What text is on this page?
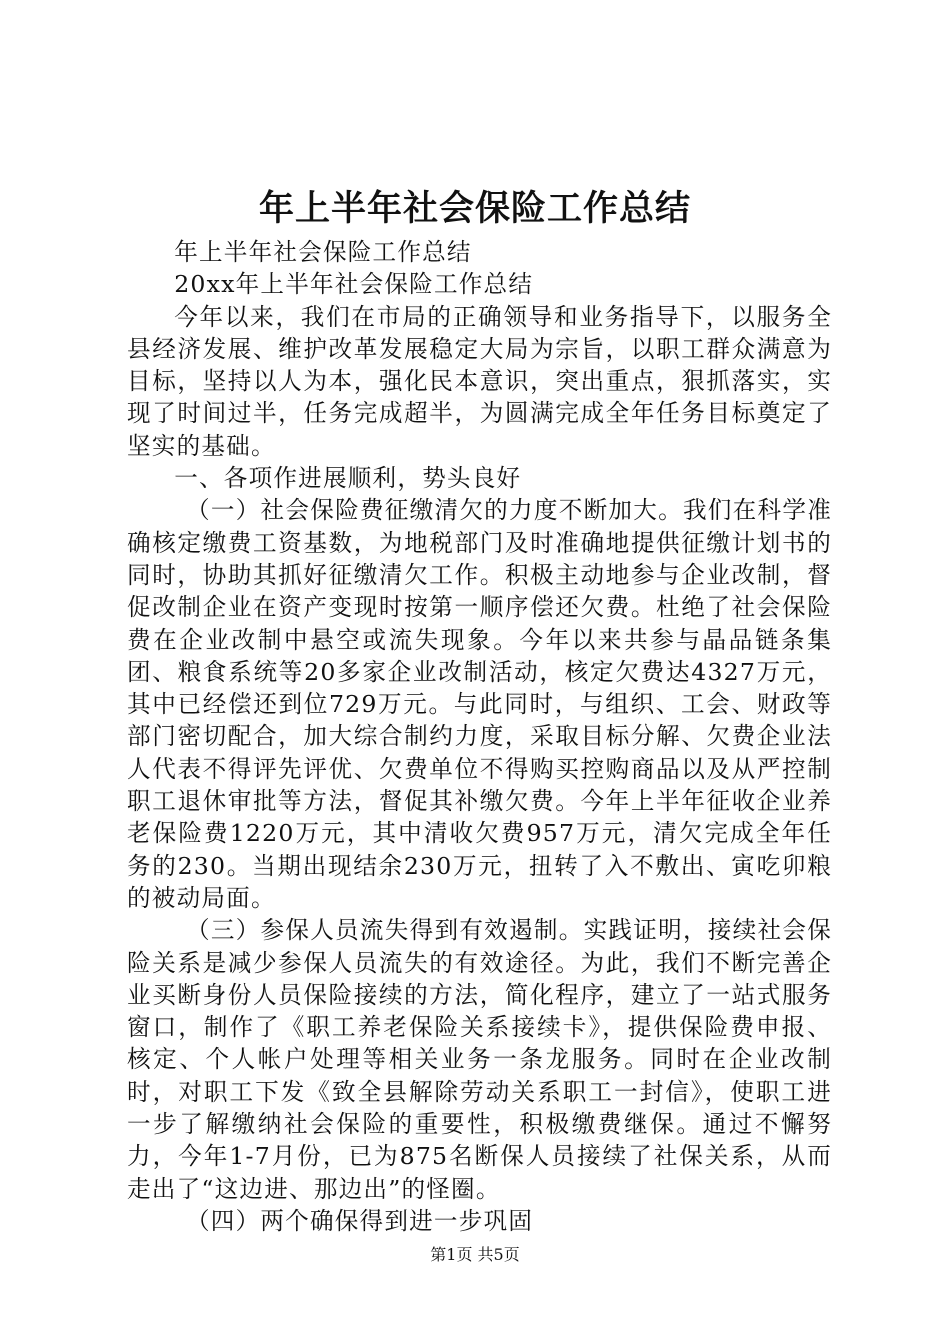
年上半年社会保险工作总结

年上半年社会保险工作总结

20xx年上半年社会保险工作总结

今年以来，我们在市局的正确领导和业务指导下，以服务全县经济发展、维护改革发展稳定大局为宗旨，以职工群众满意为目标，坚持以人为本，强化民本意识，突出重点，狠抓落实，实现了时间过半，任务完成超半，为圆满完成全年任务目标奠定了坚实的基础。

一、各项作进展顺利，势头良好

（一）社会保险费征缴清欠的力度不断加大。我们在科学准确核定缴费工资基数，为地税部门及时准确地提供征缴计划书的同时，协助其抓好征缴清欠工作。积极主动地参与企业改制，督促改制企业在资产变现时按第一顺序偿还欠费。杜绝了社会保险费在企业改制中悬空或流失现象。今年以来共参与晶品链条集团、粮食系统等20多家企业改制活动，核定欠费达4327万元，其中已经偿还到位729万元。与此同时，与组织、工会、财政等部门密切配合，加大综合制约力度，采取目标分解、欠费企业法人代表不得评先评优、欠费单位不得购买控购商品以及从严控制职工退休审批等方法，督促其补缴欠费。今年上半年征收企业养老保险费1220万元，其中清收欠费957万元，清欠完成全年任务的230。当期出现结余230万元，扭转了入不敷出、寅吃卯粮的被动局面。

（三）参保人员流失得到有效遏制。实践证明，接续社会保险关系是减少参保人员流失的有效途径。为此，我们不断完善企业买断身份人员保险接续的方法，简化程序，建立了一站式服务窗口，制作了《职工养老保险关系接续卡》，提供保险费申报、核定、个人帐户处理等相关业务一条龙服务。同时在企业改制时，对职工下发《致全县解除劳动关系职工一封信》，使职工进一步了解缴纳社会保险的重要性，积极缴费继保。通过不懈努力，今年1-7月份，已为875名断保人员接续了社保关系，从而走出了“这边进、那边出”的怪圈。

（四）两个确保得到进一步巩固

第1页 共5页
